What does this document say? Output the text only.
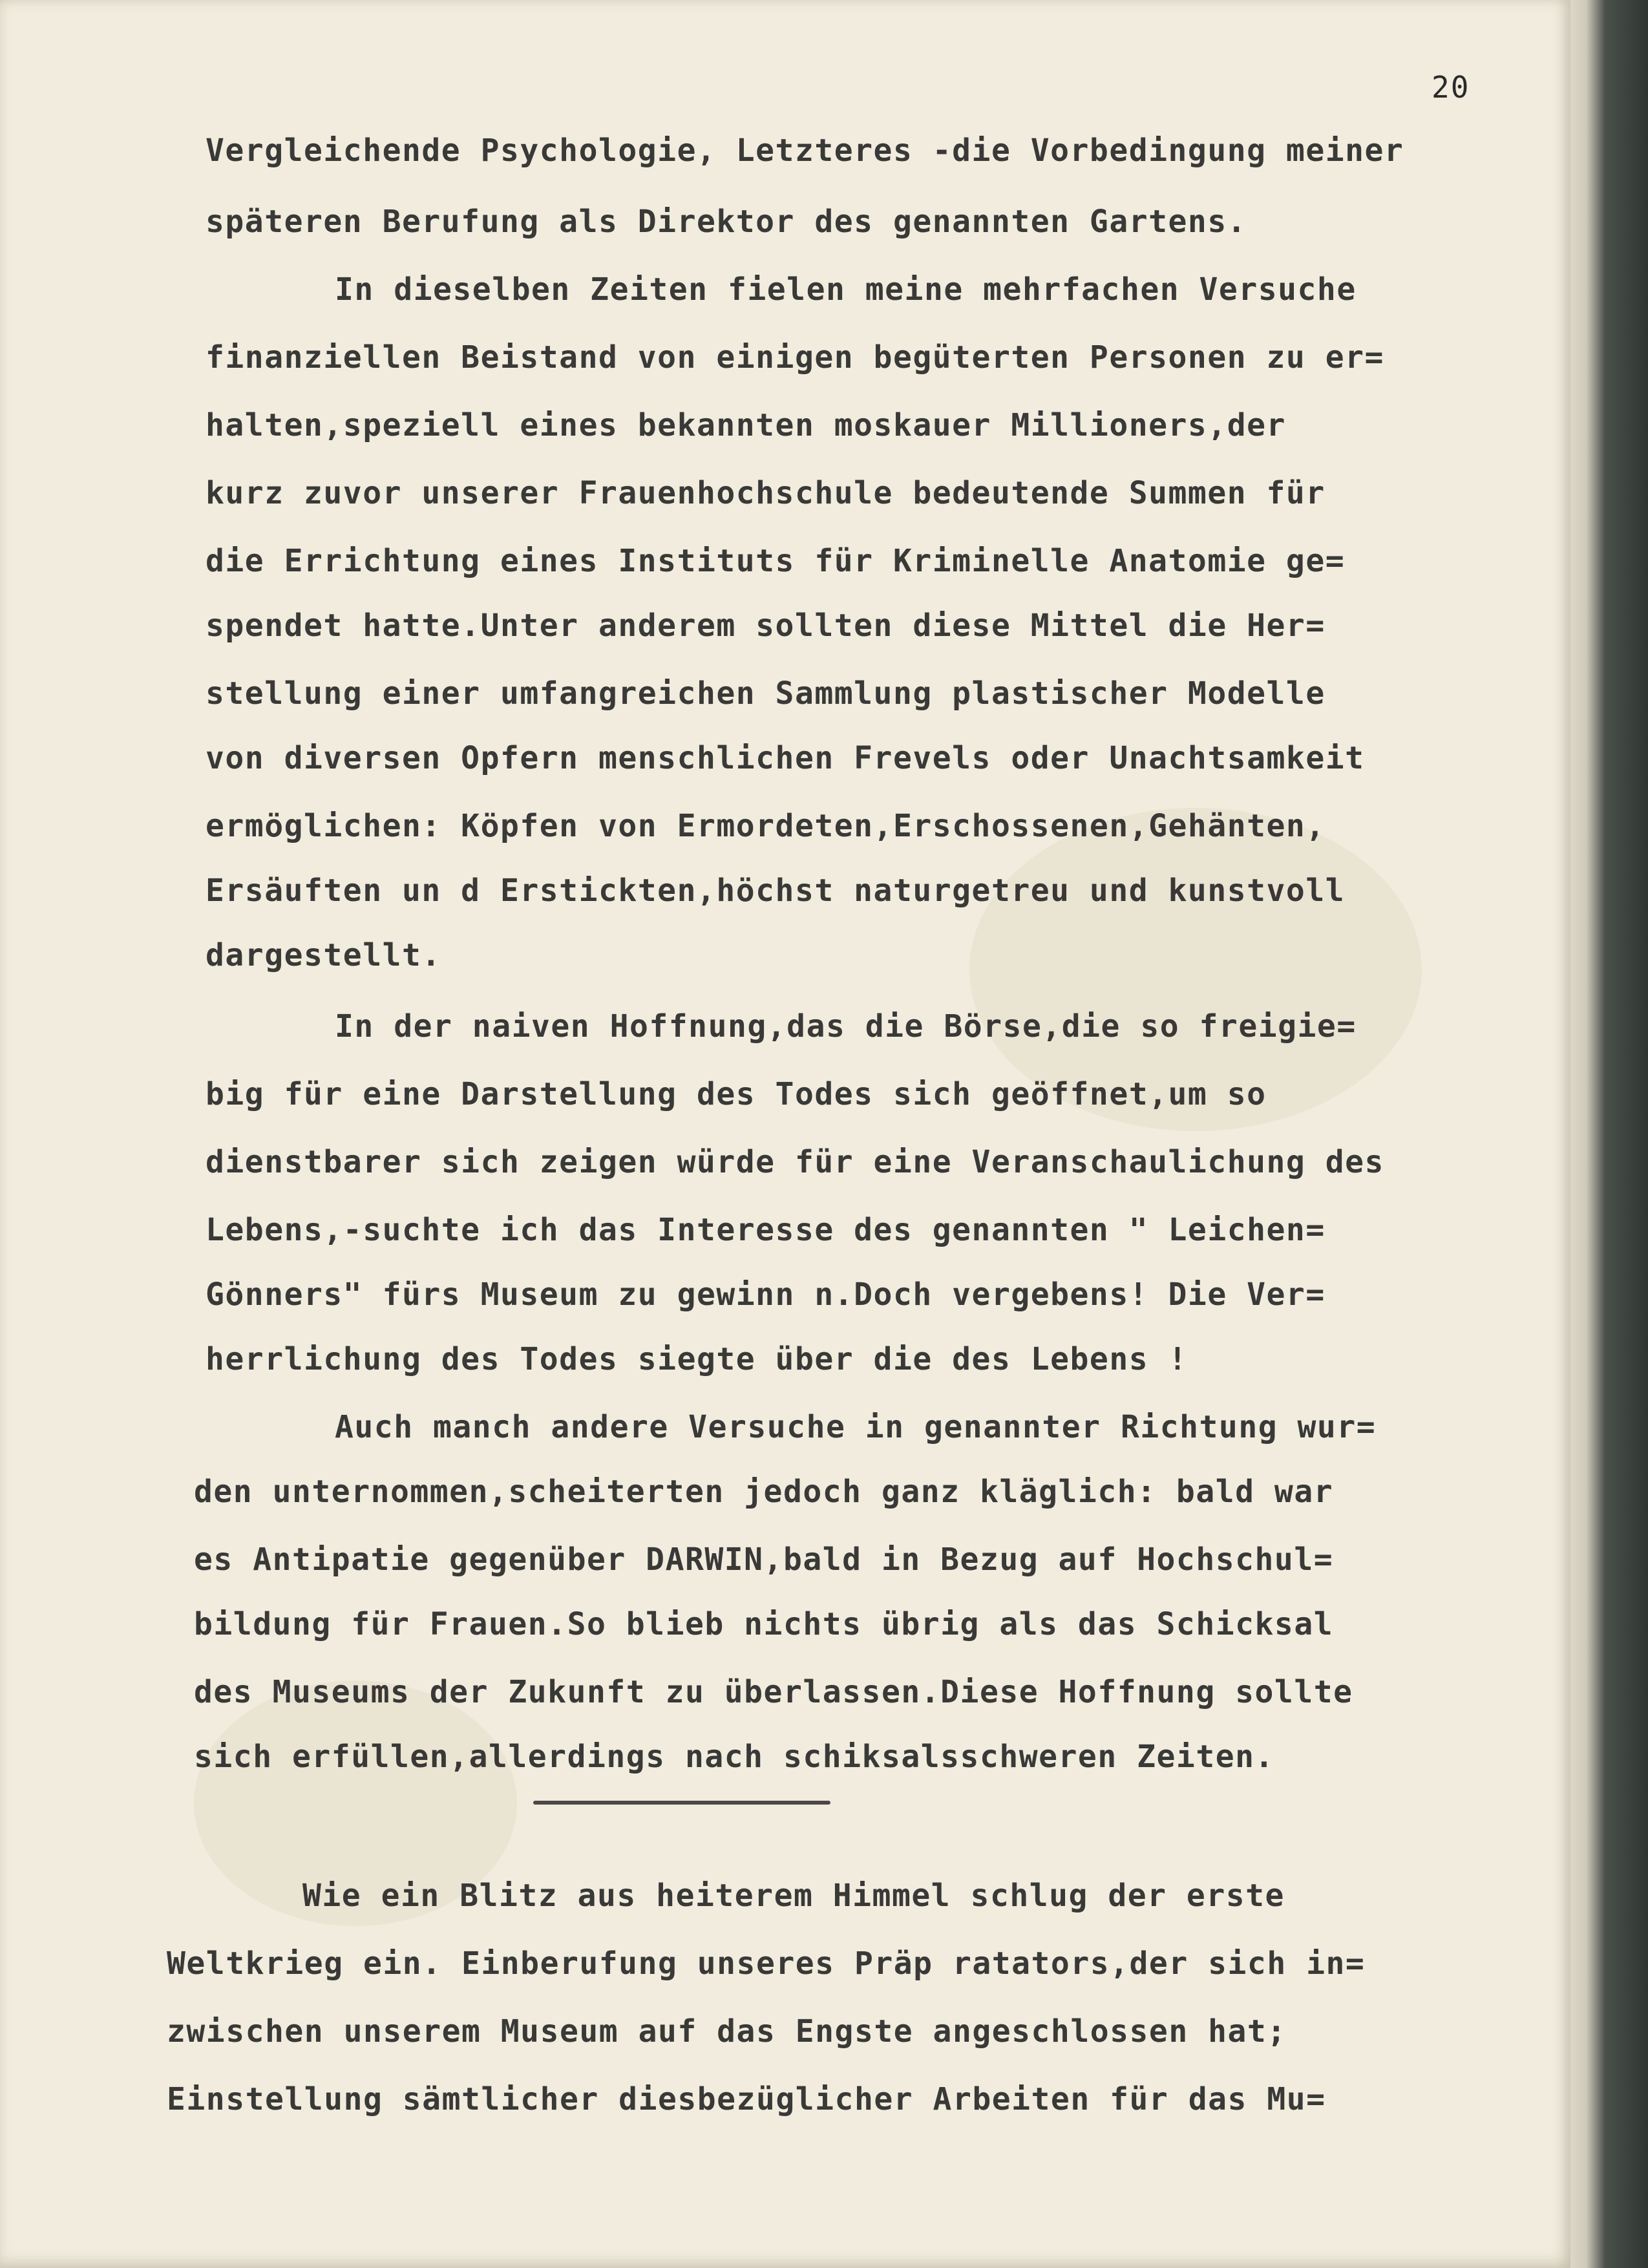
20
Vergleichende Psychologie, Letzteres -die Vorbedingung meiner
späteren Berufung als Direktor des genannten Gartens.
In dieselben Zeiten fielen meine mehrfachen Versuche
finanziellen Beistand von einigen begüterten Personen zu er=
halten,speziell eines bekannten moskauer Millioners,der
kurz zuvor unserer Frauenhochschule bedeutende Summen für
die Errichtung eines Instituts für Kriminelle Anatomie ge=
spendet hatte.Unter anderem sollten diese Mittel die Her=
stellung einer umfangreichen Sammlung plastischer Modelle
von diversen Opfern menschlichen Frevels oder Unachtsamkeit
ermöglichen: Köpfen von Ermordeten,Erschossenen,Gehänten,
Ersäuften un d Erstickten,höchst naturgetreu und kunstvoll
dargestellt.
In der naiven Hoffnung,das die Börse,die so freigie=
big für eine Darstellung des Todes sich geöffnet,um so
dienstbarer sich zeigen würde für eine Veranschaulichung des
Lebens,-suchte ich das Interesse des genannten " Leichen=
Gönners" fürs Museum zu gewinn n.Doch vergebens! Die Ver=
herrlichung des Todes siegte über die des Lebens !
Auch manch andere Versuche in genannter Richtung wur=
den unternommen,scheiterten jedoch ganz kläglich: bald war
es Antipatie gegenüber DARWIN,bald in Bezug auf Hochschul=
bildung für Frauen.So blieb nichts übrig als das Schicksal
des Museums der Zukunft zu überlassen.Diese Hoffnung sollte
sich erfüllen,allerdings nach schiksalsschweren Zeiten.
Wie ein Blitz aus heiterem Himmel schlug der erste
Weltkrieg ein. Einberufung unseres Präp ratators,der sich in=
zwischen unserem Museum auf das Engste angeschlossen hat;
Einstellung sämtlicher diesbezüglicher Arbeiten für das Mu=
